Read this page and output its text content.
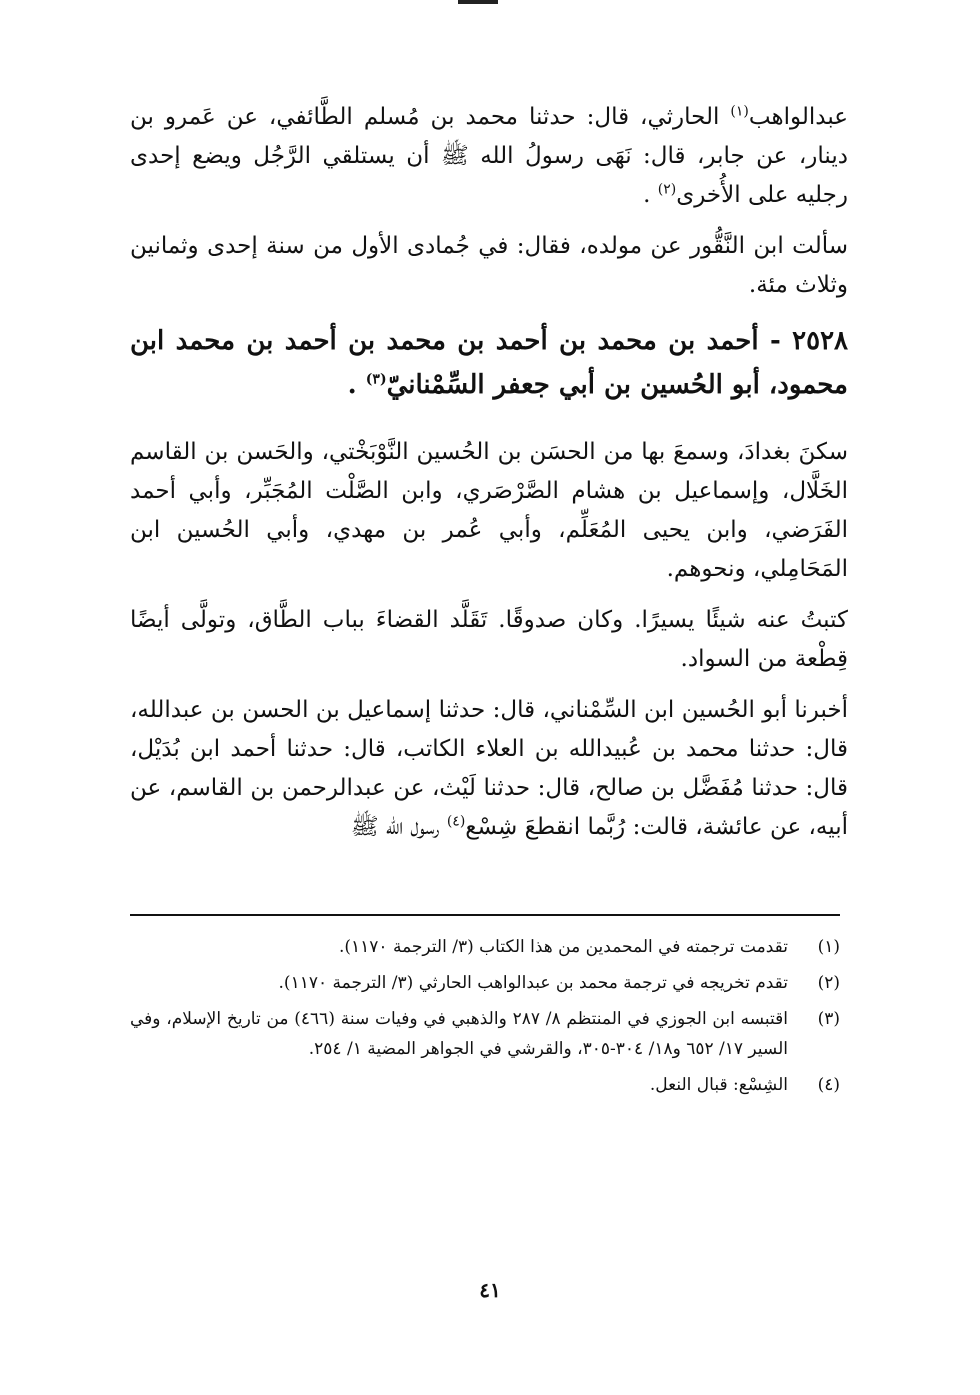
عبدالواهب$^{(١)}$ الحارثي، قال: حدثنا محمد بن مُسلم الطَّائفي، عن عَمرو بن دينار، عن جابر، قال: نَهَى رسولُ الله ﷺ أن يستلقي الرَّجُل ويضع إحدى رجليه على الأُخرى$^{(٢)}$ .

سألت ابن النَّقُّور عن مولده، فقال: في جُمادى الأول من سنة إحدى وثمانين وثلاث مئة.

٢٥٢٨ - أحمد بن محمد بن أحمد بن محمد بن أحمد بن محمد ابن محمود، أبو الحُسين بن أبي جعفر السِّمْنانيّ$^{(٣)}$ .

سكنَ بغدادَ، وسمعَ بها من الحسَن بن الحُسين النَّوْبَخْتي، والحَسن بن القاسم الخَلَّال، وإسماعيل بن هشام الصَّرْصَري، وابن الصَّلْت المُجَبِّر، وأبي أحمد الفَرَضي، وابن يحيى المُعَلِّم، وأبي عُمر بن مهدي، وأبي الحُسين ابن المَحَامِلي، ونحوهم.

كتبتُ عنه شيئًا يسيرًا. وكان صدوقًا. تَقَلَّد القضاءَ بباب الطَّاق، وتولَّى أيضًا قِطْعة من السواد.

أخبرنا أبو الحُسين ابن السِّمْناني، قال: حدثنا إسماعيل بن الحسن بن عبدالله، قال: حدثنا محمد بن عُبيدالله بن العلاء الكاتب، قال: حدثنا أحمد ابن بُدَيْل، قال: حدثنا مُفَضَّل بن صالح، قال: حدثنا لَيْث، عن عبدالرحمن بن القاسم، عن أبيه، عن عائشة، قالت: رُبَّما انقطعَ شِسْع$^{(٤)}$ رسول الله ﷺ

(١)
تقدمت ترجمته في المحمدين من هذا الكتاب (٣/ الترجمة ١١٧٠).
(٢)
تقدم تخريجه في ترجمة محمد بن عبدالواهب الحارثي (٣/ الترجمة ١١٧٠).
(٣)
اقتبسه ابن الجوزي في المنتظم ٨/ ٢٨٧ والذهبي في وفيات سنة (٤٦٦) من تاريخ الإسلام، وفي السير ١٧/ ٦٥٢ و١٨/ ٣٠٤-٣٠٥، والقرشي في الجواهر المضية ١/ ٢٥٤.
(٤)
الشِسْع: قبال النعل.
٤١
